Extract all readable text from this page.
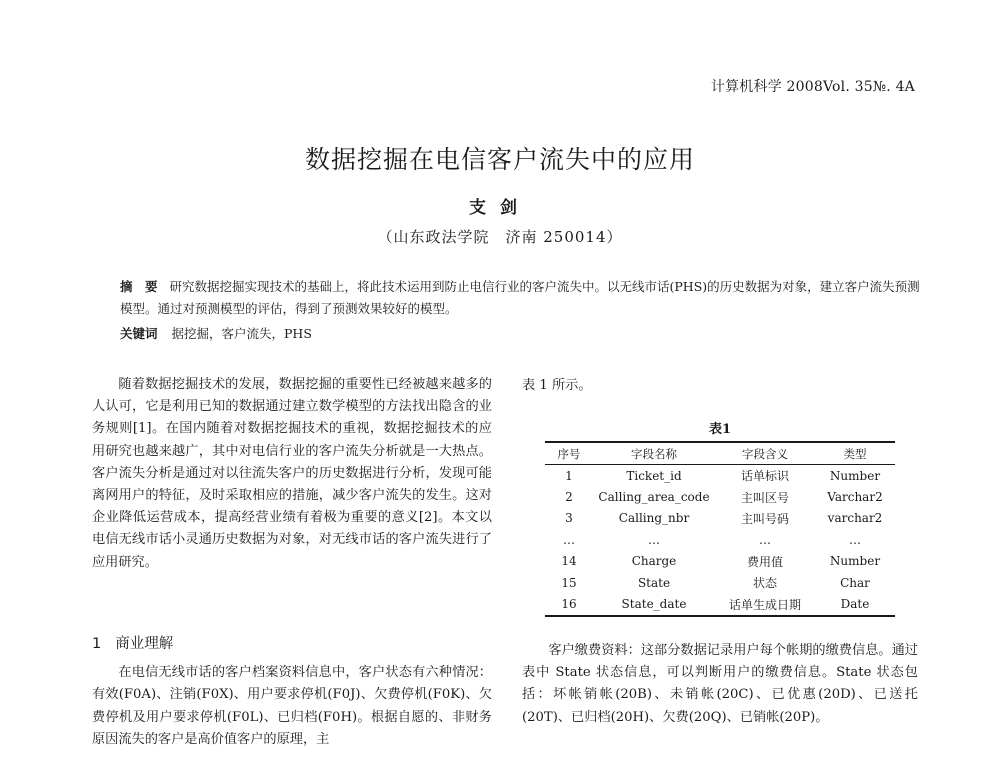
计算机科学 2008Vol. 35№. 4A
数据挖掘在电信客户流失中的应用
支剑
（山东政法学院　济南 250014）
摘　要 研究数据挖掘实现技术的基础上，将此技术运用到防止电信行业的客户流失中。以无线市话(PHS)的历史数据为对象，建立客户流失预测模型。通过对预测模型的评估，得到了预测效果较好的模型。
关键词 据挖掘，客户流失，PHS

随着数据挖掘技术的发展，数据挖掘的重要性已经被越来越多的人认可，它是利用已知的数据通过建立数学模型的方法找出隐含的业务规则[1]。在国内随着对数据挖掘技术的重视，数据挖掘技术的应用研究也越来越广，其中对电信行业的客户流失分析就是一大热点。客户流失分析是通过对以往流失客户的历史数据进行分析，发现可能离网用户的特征，及时采取相应的措施，减少客户流失的发生。这对企业降低运营成本，提高经营业绩有着极为重要的意义[2]。本文以电信无线市话小灵通历史数据为对象，对无线市话的客户流失进行了应用研究。

1 商业理解

在电信无线市话的客户档案资料信息中，客户状态有六种情况：有效(F0A)、注销(F0X)、用户要求停机(F0J)、欠费停机(F0K)、欠费停机及用户要求停机(F0L)、已归档(F0H)。根据自愿的、非财务原因流失的客户是高价值客户的原理，主

表 1 所示。
表1
序号	字段名称	字段含义	类型
1	Ticket_id	话单标识	Number
2	Calling_area_code	主叫区号	Varchar2
3	Calling_nbr	主叫号码	varchar2
…	…	…	…
14	Charge	费用值	Number
15	State	状态	Char
16	State_date	话单生成日期	Date

客户缴费资料：这部分数据记录用户每个帐期的缴费信息。通过表中 State 状态信息，可以判断用户的缴费信息。State 状态包括：坏帐销帐(20B)、未销帐(20C)、已优惠(20D)、已送托(20T)、已归档(20H)、欠费(20Q)、已销帐(20P)。
